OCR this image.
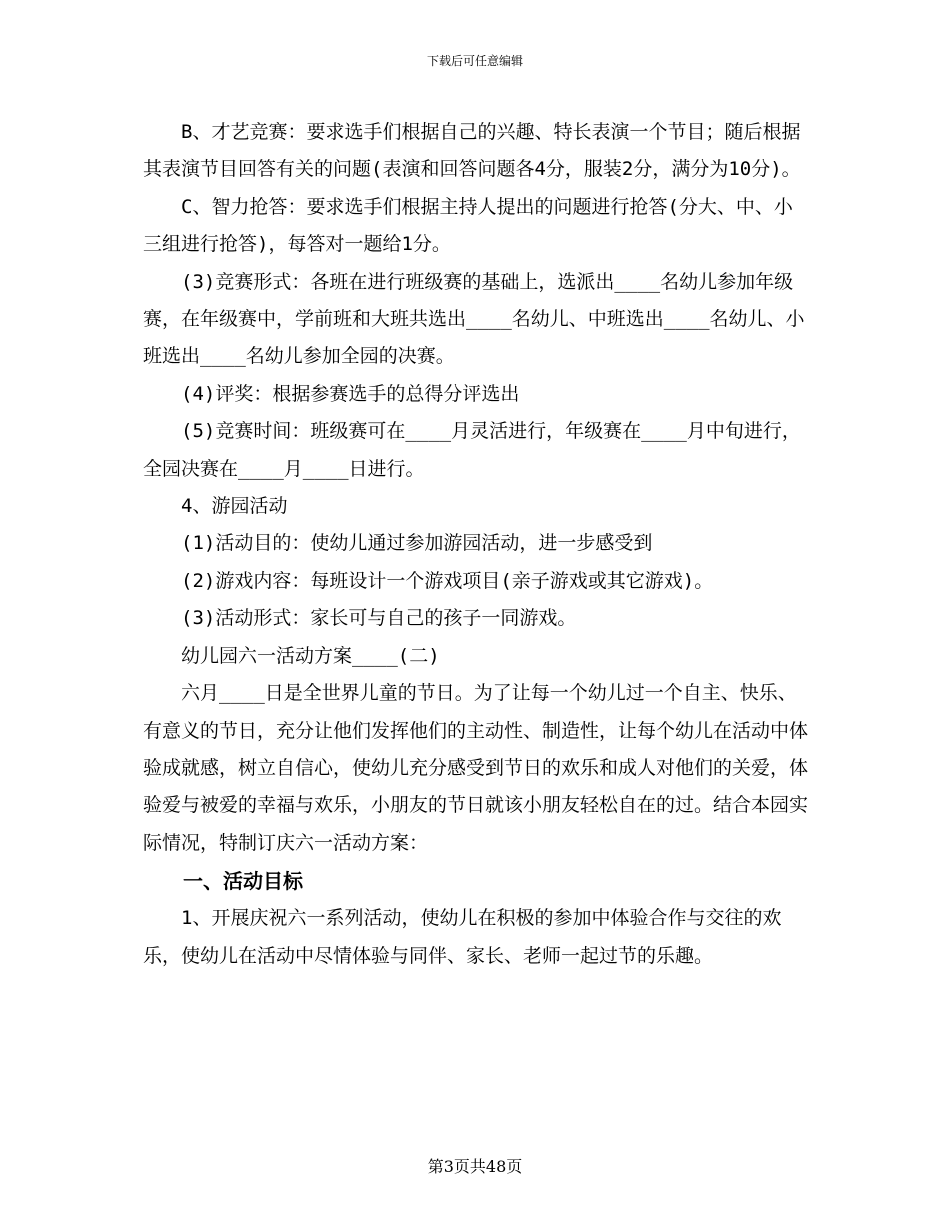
下载后可任意编辑

B、才艺竞赛：要求选手们根据自己的兴趣、特长表演一个节目；随后根据其表演节目回答有关的问题(表演和回答问题各4分，服装2分，满分为10分)。

C、智力抢答：要求选手们根据主持人提出的问题进行抢答(分大、中、小三组进行抢答)，每答对一题给1分。

(3)竞赛形式：各班在进行班级赛的基础上，选派出____名幼儿参加年级赛，在年级赛中，学前班和大班共选出____名幼儿、中班选出____名幼儿、小班选出____名幼儿参加全园的决赛。

(4)评奖：根据参赛选手的总得分评选出

(5)竞赛时间：班级赛可在____月灵活进行，年级赛在____月中旬进行，全园决赛在____月____日进行。

4、游园活动

(1)活动目的：使幼儿通过参加游园活动，进一步感受到

(2)游戏内容：每班设计一个游戏项目(亲子游戏或其它游戏)。

(3)活动形式：家长可与自己的孩子一同游戏。

幼儿园六一活动方案____(二)

六月____日是全世界儿童的节日。为了让每一个幼儿过一个自主、快乐、有意义的节日，充分让他们发挥他们的主动性、制造性，让每个幼儿在活动中体验成就感，树立自信心，使幼儿充分感受到节日的欢乐和成人对他们的关爱，体验爱与被爱的幸福与欢乐，小朋友的节日就该小朋友轻松自在的过。结合本园实际情况，特制订庆六一活动方案：

一、活动目标

1、开展庆祝六一系列活动，使幼儿在积极的参加中体验合作与交往的欢乐，使幼儿在活动中尽情体验与同伴、家长、老师一起过节的乐趣。

第3页共48页
